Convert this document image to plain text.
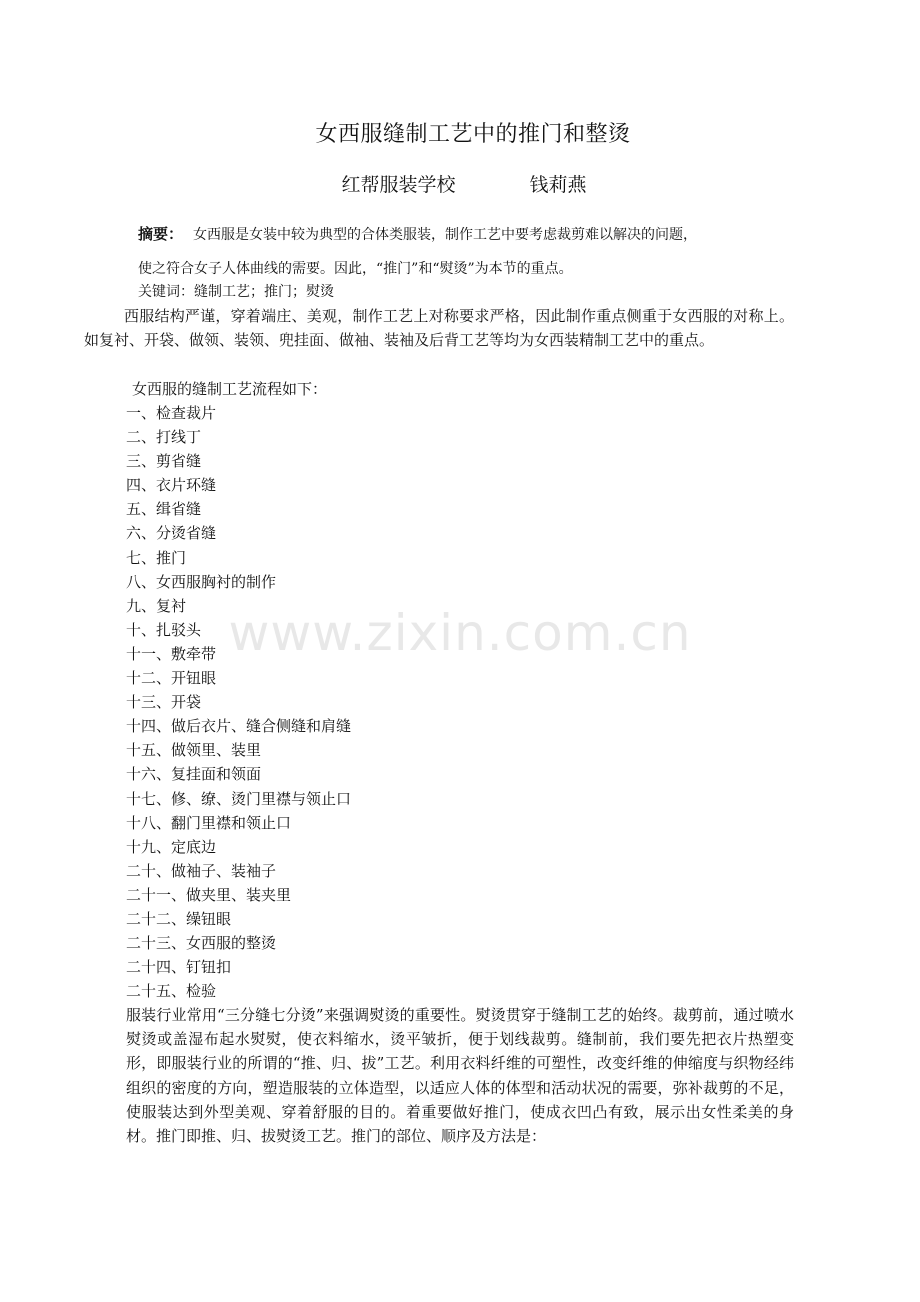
www.zixin.com.cn
女西服缝制工艺中的推门和整烫
红帮服装学校	钱莉燕
摘要： 女西服是女装中较为典型的合体类服装，制作工艺中要考虑裁剪难以解决的问题，
使之符合女子人体曲线的需要。因此，“推门”和“熨烫”为本节的重点。
关键词：缝制工艺；推门；熨烫
西服结构严谨，穿着端庄、美观，制作工艺上对称要求严格，因此制作重点侧重于女西服的对称上。如复衬、开袋、做领、装领、兜挂面、做袖、装袖及后背工艺等均为女西装精制工艺中的重点。
女西服的缝制工艺流程如下：
一、检查裁片
二、打线丁
三、剪省缝
四、衣片环缝
五、缉省缝
六、分烫省缝
七、推门
八、女西服胸衬的制作
九、复衬
十、扎驳头
十一、敷牵带
十二、开钮眼
十三、开袋
十四、做后衣片、缝合侧缝和肩缝
十五、做领里、装里
十六、复挂面和领面
十七、修、缭、烫门里襟与领止口
十八、翻门里襟和领止口
十九、定底边
二十、做袖子、装袖子
二十一、做夹里、装夹里
二十二、缲钮眼
二十三、女西服的整烫
二十四、钉钮扣
二十五、检验
服装行业常用“三分缝七分烫”来强调熨烫的重要性。熨烫贯穿于缝制工艺的始终。裁剪前，通过喷水熨烫或盖湿布起水熨熨，使衣料缩水，烫平皱折，便于划线裁剪。缝制前，我们要先把衣片热塑变形，即服装行业的所谓的“推、归、拔”工艺。利用衣料纤维的可塑性，改变纤维的伸缩度与织物经纬组织的密度的方向，塑造服装的立体造型，以适应人体的体型和活动状况的需要，弥补裁剪的不足，使服装达到外型美观、穿着舒服的目的。着重要做好推门，使成衣凹凸有致，展示出女性柔美的身材。推门即推、归、拔熨烫工艺。推门的部位、顺序及方法是：
